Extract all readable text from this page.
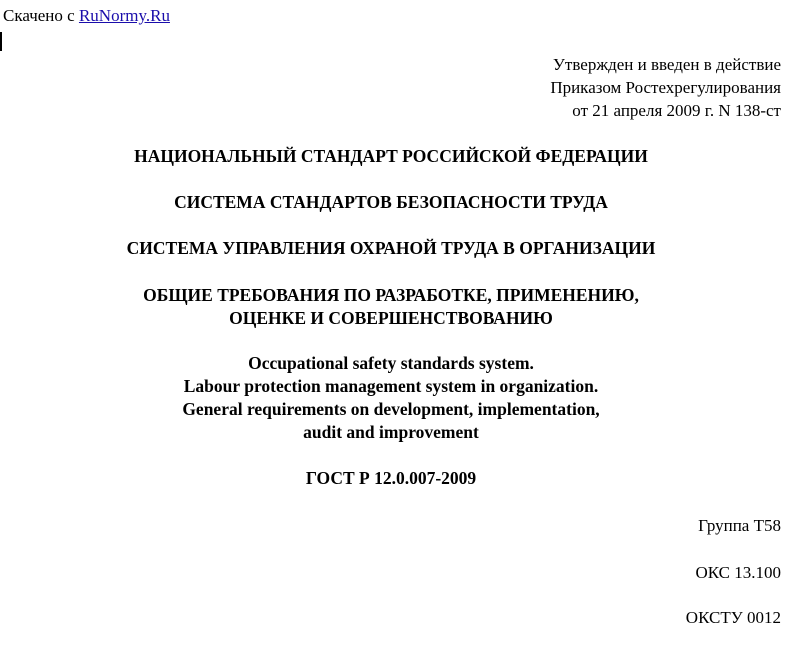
Скачено с RuNormy.Ru
Утвержден и введен в действие
Приказом Ростехрегулирования
от 21 апреля 2009 г. N 138-ст
НАЦИОНАЛЬНЫЙ СТАНДАРТ РОССИЙСКОЙ ФЕДЕРАЦИИ
СИСТЕМА СТАНДАРТОВ БЕЗОПАСНОСТИ ТРУДА
СИСТЕМА УПРАВЛЕНИЯ ОХРАНОЙ ТРУДА В ОРГАНИЗАЦИИ
ОБЩИЕ ТРЕБОВАНИЯ ПО РАЗРАБОТКЕ, ПРИМЕНЕНИЮ,
ОЦЕНКЕ И СОВЕРШЕНСТВОВАНИЮ
Occupational safety standards system.
Labour protection management system in organization.
General requirements on development, implementation,
audit and improvement
ГОСТ Р 12.0.007-2009
Группа Т58
ОКС 13.100
ОКСТУ 0012
